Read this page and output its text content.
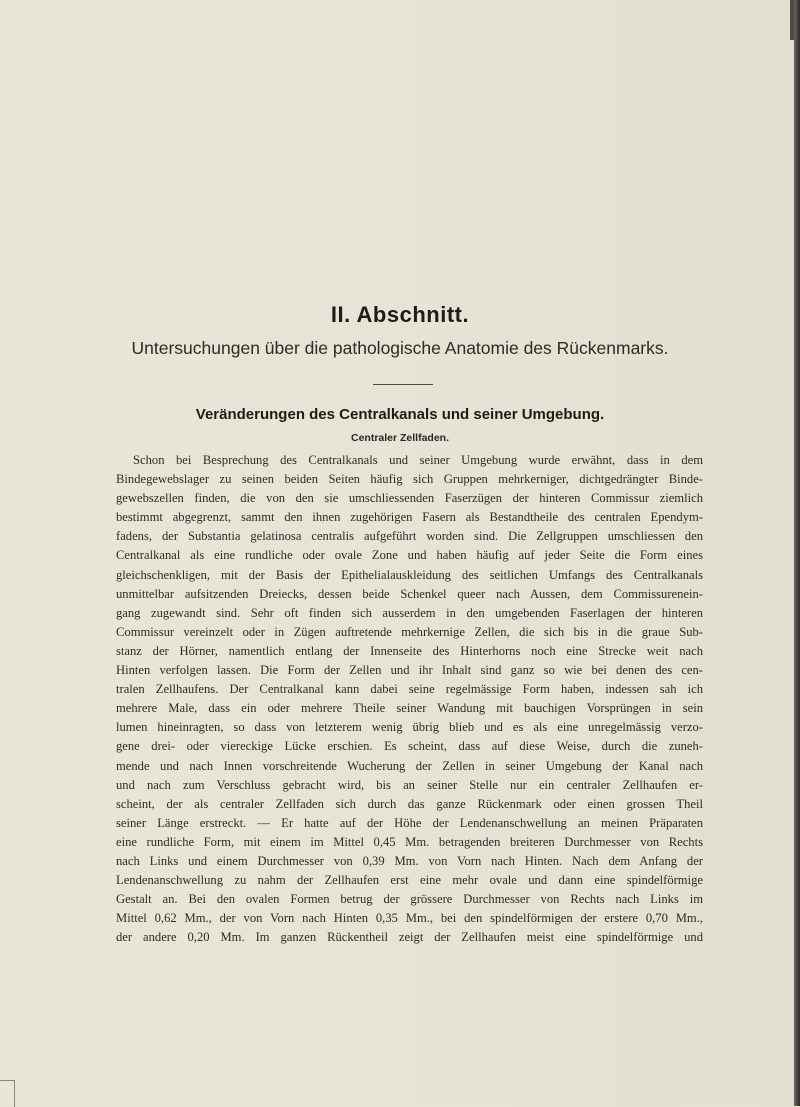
II. Abschnitt.
Untersuchungen über die pathologische Anatomie des Rückenmarks.
Veränderungen des Centralkanals und seiner Umgebung.
Centraler Zellfaden.
Schon bei Besprechung des Centralkanals und seiner Umgebung wurde erwähnt, dass in dem
Bindegewebslager zu seinen beiden Seiten häufig sich Gruppen mehrkerniger, dichtgedrängter Binde-
gewebszellen finden, die von den sie umschliessenden Faserzügen der hinteren Commissur ziemlich
bestimmt abgegrenzt, sammt den ihnen zugehörigen Fasern als Bestandtheile des centralen Ependym-
fadens, der Substantia gelatinosa centralis aufgeführt worden sind. Die Zellgruppen umschliessen den
Centralkanal als eine rundliche oder ovale Zone und haben häufig auf jeder Seite die Form eines
gleichschenkligen, mit der Basis der Epithelialauskleidung des seitlichen Umfangs des Centralkanals
unmittelbar aufsitzenden Dreiecks, dessen beide Schenkel queer nach Aussen, dem Commissurenein-
gang zugewandt sind. Sehr oft finden sich ausserdem in den umgebenden Faserlagen der hinteren
Commissur vereinzelt oder in Zügen auftretende mehrkernige Zellen, die sich bis in die graue Sub-
stanz der Hörner, namentlich entlang der Innenseite des Hinterhorns noch eine Strecke weit nach
Hinten verfolgen lassen. Die Form der Zellen und ihr Inhalt sind ganz so wie bei denen des cen-
tralen Zellhaufens. Der Centralkanal kann dabei seine regelmässige Form haben, indessen sah ich
mehrere Male, dass ein oder mehrere Theile seiner Wandung mit bauchigen Vorsprüngen in sein
lumen hineinragten, so dass von letzterem wenig übrig blieb und es als eine unregelmässig verzo-
gene drei- oder viereckige Lücke erschien. Es scheint, dass auf diese Weise, durch die zuneh-
mende und nach Innen vorschreitende Wucherung der Zellen in seiner Umgebung der Kanal nach
und nach zum Verschluss gebracht wird, bis an seiner Stelle nur ein centraler Zellhaufen er-
scheint, der als centraler Zellfaden sich durch das ganze Rückenmark oder einen grossen Theil
seiner Länge erstreckt. — Er hatte auf der Höhe der Lendenanschwellung an meinen Präparaten
eine rundliche Form, mit einem im Mittel 0,45 Mm. betragenden breiteren Durchmesser von Rechts
nach Links und einem Durchmesser von 0,39 Mm. von Vorn nach Hinten. Nach dem Anfang der
Lendenanschwellung zu nahm der Zellhaufen erst eine mehr ovale und dann eine spindelförmige
Gestalt an. Bei den ovalen Formen betrug der grössere Durchmesser von Rechts nach Links im
Mittel 0,62 Mm., der von Vorn nach Hinten 0,35 Mm., bei den spindelförmigen der erstere 0,70 Mm.,
der andere 0,20 Mm. Im ganzen Rückentheil zeigt der Zellhaufen meist eine spindelförmige und
